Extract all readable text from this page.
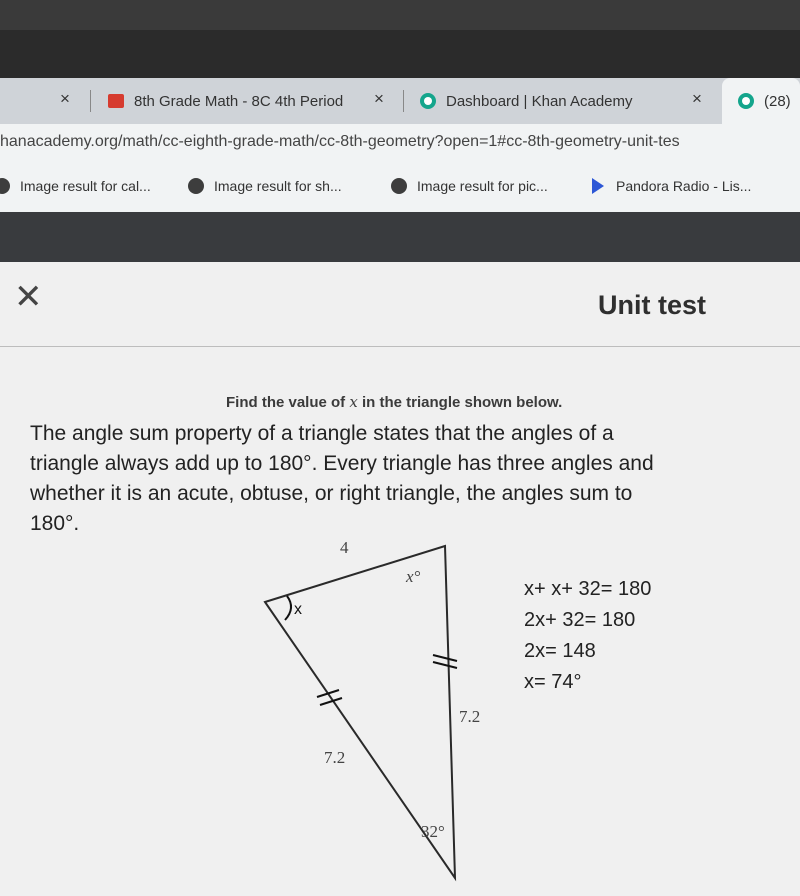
×	8th Grade Math - 8C 4th Period ×	Dashboard | Khan Academy	×	(28)
hanacademy.org/math/cc-eighth-grade-math/cc-8th-geometry?open=1#cc-8th-geometry-unit-tes
Image result for cal...	Image result for sh...	Image result for pic...	Pandora Radio - Lis...
✕	Unit test
Find the value of x in the triangle shown below.
The angle sum property of a triangle states that the angles of a triangle always add up to 180°. Every triangle has three angles and whether it is an acute, obtuse, or right triangle, the angles sum to 180°.
4
x°
x
7.2
7.2
32°
x+ x+ 32= 180
2x+ 32= 180
2x= 148
x= 74°
